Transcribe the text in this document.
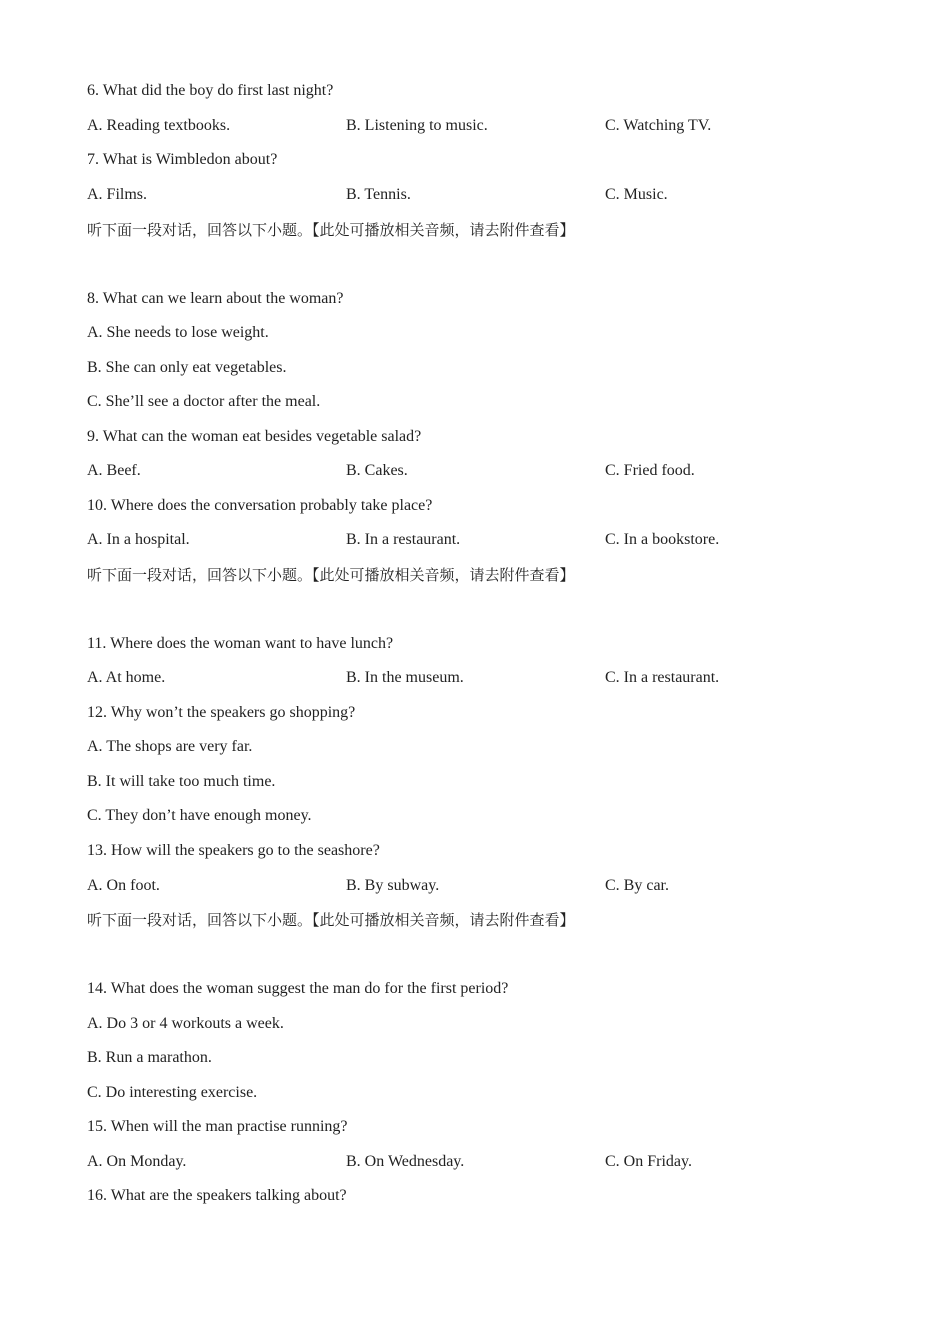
6. What did the boy do first last night?
A. Reading textbooks.	B. Listening to music.	C. Watching TV.
7. What is Wimbledon about?
A. Films.	B. Tennis.	C. Music.
听下面一段对话，回答以下小题。【此处可播放相关音频，请去附件查看】
8. What can we learn about the woman?
A. She needs to lose weight.
B. She can only eat vegetables.
C. She’ll see a doctor after the meal.
9. What can the woman eat besides vegetable salad?
A. Beef.	B. Cakes.	C. Fried food.
10. Where does the conversation probably take place?
A. In a hospital.	B. In a restaurant.	C. In a bookstore.
听下面一段对话，回答以下小题。【此处可播放相关音频，请去附件查看】
11. Where does the woman want to have lunch?
A. At home.	B. In the museum.	C. In a restaurant.
12. Why won’t the speakers go shopping?
A. The shops are very far.
B. It will take too much time.
C. They don’t have enough money.
13. How will the speakers go to the seashore?
A. On foot.	B. By subway.	C. By car.
听下面一段对话，回答以下小题。【此处可播放相关音频，请去附件查看】
14. What does the woman suggest the man do for the first period?
A. Do 3 or 4 workouts a week.
B. Run a marathon.
C. Do interesting exercise.
15. When will the man practise running?
A. On Monday.	B. On Wednesday.	C. On Friday.
16. What are the speakers talking about?
